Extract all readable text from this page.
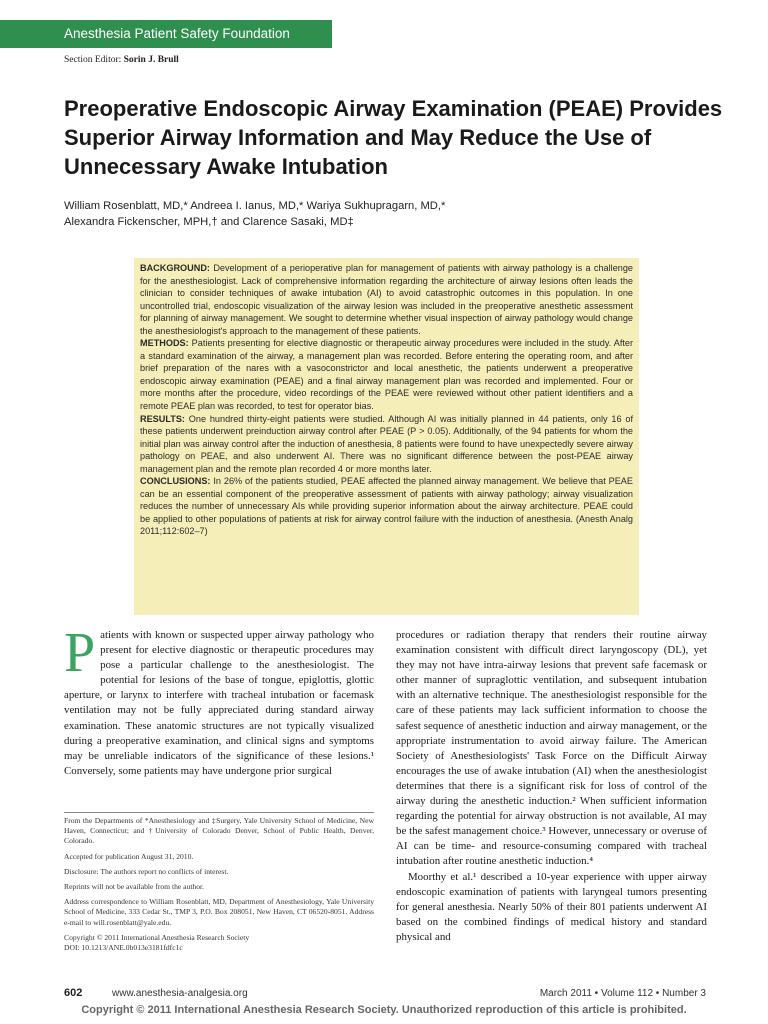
Anesthesia Patient Safety Foundation
Section Editor: Sorin J. Brull
Preoperative Endoscopic Airway Examination (PEAE) Provides Superior Airway Information and May Reduce the Use of Unnecessary Awake Intubation
William Rosenblatt, MD,* Andreea I. Ianus, MD,* Wariya Sukhupragarn, MD,*
Alexandra Fickenscher, MPH,† and Clarence Sasaki, MD‡

BACKGROUND: Development of a perioperative plan for management of patients with airway pathology is a challenge for the anesthesiologist. Lack of comprehensive information regarding the architecture of airway lesions often leads the clinician to consider techniques of awake intubation (AI) to avoid catastrophic outcomes in this population. In one uncontrolled trial, endoscopic visualization of the airway lesion was included in the preoperative anesthetic assessment for planning of airway management. We sought to determine whether visual inspection of airway pathology would change the anesthesiologist's approach to the management of these patients.

METHODS: Patients presenting for elective diagnostic or therapeutic airway procedures were included in the study. After a standard examination of the airway, a management plan was recorded. Before entering the operating room, and after brief preparation of the nares with a vasoconstrictor and local anesthetic, the patients underwent a preoperative endoscopic airway examination (PEAE) and a final airway management plan was recorded and implemented. Four or more months after the procedure, video recordings of the PEAE were reviewed without other patient identifiers and a remote PEAE plan was recorded, to test for operator bias.

RESULTS: One hundred thirty-eight patients were studied. Although AI was initially planned in 44 patients, only 16 of these patients underwent preinduction airway control after PEAE (P > 0.05). Additionally, of the 94 patients for whom the initial plan was airway control after the induction of anesthesia, 8 patients were found to have unexpectedly severe airway pathology on PEAE, and also underwent AI. There was no significant difference between the post-PEAE airway management plan and the remote plan recorded 4 or more months later.

CONCLUSIONS: In 26% of the patients studied, PEAE affected the planned airway management. We believe that PEAE can be an essential component of the preoperative assessment of patients with airway pathology; airway visualization reduces the number of unnecessary AIs while providing superior information about the airway architecture. PEAE could be applied to other populations of patients at risk for airway control failure with the induction of anesthesia. (Anesth Analg 2011;112:602–7)

Patients with known or suspected upper airway pathology who present for elective diagnostic or therapeutic procedures may pose a particular challenge to the anesthesiologist. The potential for lesions of the base of tongue, epiglottis, glottic aperture, or larynx to interfere with tracheal intubation or facemask ventilation may not be fully appreciated during standard airway examination. These anatomic structures are not typically visualized during a preoperative examination, and clinical signs and symptoms may be unreliable indicators of the significance of these lesions.¹ Conversely, some patients may have undergone prior surgical

From the Departments of *Anesthesiology and ‡Surgery, Yale University School of Medicine, New Haven, Connecticut; and †University of Colorado Denver, School of Public Health, Denver, Colorado.

Accepted for publication August 31, 2010.

Disclosure: The authors report no conflicts of interest.

Reprints will not be available from the author.

Address correspondence to William Rosenblatt, MD, Department of Anesthesiology, Yale University School of Medicine, 333 Cedar St., TMP 3, P.O. Box 208051, New Haven, CT 06520-8051. Address e-mail to will.rosenblatt@yale.edu.

Copyright © 2011 International Anesthesia Research Society

DOI: 10.1213/ANE.0b013e3181fdfc1c

procedures or radiation therapy that renders their routine airway examination consistent with difficult direct laryngoscopy (DL), yet they may not have intra-airway lesions that prevent safe facemask or other manner of supraglottic ventilation, and subsequent intubation with an alternative technique. The anesthesiologist responsible for the care of these patients may lack sufficient information to choose the safest sequence of anesthetic induction and airway management, or the appropriate instrumentation to avoid airway failure. The American Society of Anesthesiologists' Task Force on the Difficult Airway encourages the use of awake intubation (AI) when the anesthesiologist determines that there is a significant risk for loss of control of the airway during the anesthetic induction.² When sufficient information regarding the potential for airway obstruction is not available, AI may be the safest management choice.³ However, unnecessary or overuse of AI can be time- and resource-consuming compared with tracheal intubation after routine anesthetic induction.⁴

Moorthy et al.¹ described a 10-year experience with upper airway endoscopic examination of patients with laryngeal tumors presenting for general anesthesia. Nearly 50% of their 801 patients underwent AI based on the combined findings of medical history and standard physical and

602	www.anesthesia-analgesia.org	March 2011 • Volume 112 • Number 3
Copyright © 2011 International Anesthesia Research Society. Unauthorized reproduction of this article is prohibited.
